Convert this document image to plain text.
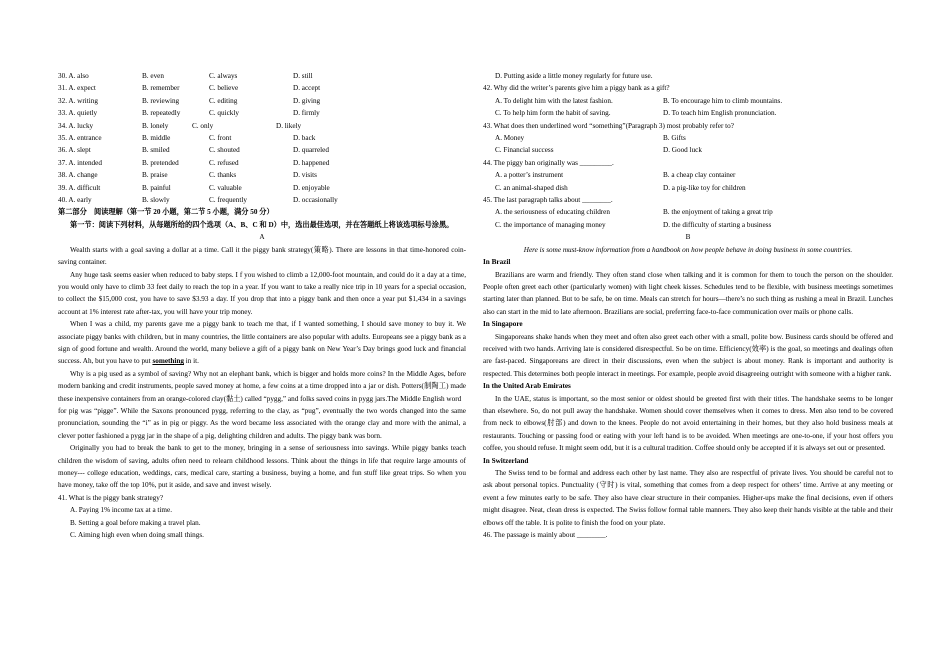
30. A. also	B. even	C. always	D. still
31. A. expect	B. remember	C. believe	D. accept
32. A. writing	B. reviewing	C. editing	D. giving
33. A. quietly	B. repeatedly	C. quickly	D. firmly
34. A. lucky	B. lonely	C. only	D. likely
35. A. entrance	B. middle	C. front	D. back
36. A. slept	B. smiled	C. shouted	D. quarreled
37. A. intended	B. pretended	C. refused	D. happened
38. A. change	B. praise	C. thanks	D. visits
39. A. difficult	B. painful	C. valuable	D. enjoyable
40. A. early	B. slowly	C. frequently	D. occasionally
第二部分　阅读理解（第一节 20 小题，第二节 5 小题，满分 50 分）
第一节：阅读下列材料，从每题所给的四个选项（A、B、C 和 D）中，选出最佳选项，并在答题纸上将该选项标号涂黑。
A

Wealth starts with a goal saving a dollar at a time. Call it the piggy bank strategy(策略). There are lessons in that time-honored coin-saving container.

Any huge task seems easier when reduced to baby steps. I f you wished to climb a 12,000-foot mountain, and could do it a day at a time, you would only have to climb 33 feet daily to reach the top in a year. If you want to take a really nice trip in 10 years for a special occasion, to collect the $15,000 cost, you have to save $3.93 a day. If you drop that into a piggy bank and then once a year put $1,434 in a savings account at 1% interest rate after-tax, you will have your trip money.

When I was a child, my parents gave me a piggy bank to teach me that, if I wanted something, I should save money to buy it. We associate piggy banks with children, but in many countries, the little containers are also popular with adults. Europeans see a piggy bank as a sign of good fortune and wealth. Around the world, many believe a gift of a piggy bank on New Year’s Day brings good luck and financial success. Ah, but you have to put something in it.

Why is a pig used as a symbol of saving? Why not an elephant bank, which is bigger and holds more coins? In the Middle Ages, before modern banking and credit instruments, people saved money at home, a few coins at a time dropped into a jar or dish. Potters(制陶工) made these inexpensive containers from an orange-colored clay(黏土) called “pygg,” and folks saved coins in pygg jars.The Middle English word

for pig was “pigge”. While the Saxons pronounced pygg, referring to the clay, as “pug”, eventually the two words changed into the same pronunciation, sounding the “i” as in pig or piggy. As the word became less associated with the orange clay and more with the animal, a clever potter fashioned a pygg jar in the shape of a pig, delighting children and adults. The piggy bank was born.

Originally you had to break the bank to get to the money, bringing in a sense of seriousness into savings. While piggy banks teach children the wisdom of saving, adults often need to relearn childhood lessons. Think about the things in life that require large amounts of money--- college education, weddings, cars, medical care, starting a business, buying a home, and fun stuff like great trips. So when you have money, take off the top 10%, put it aside, and save and invest wisely.

41. What is the piggy bank strategy?
A. Paying 1% income tax at a time.
B. Setting a goal before making a travel plan.
C. Aiming high even when doing small things.
D. Putting aside a little money regularly for future use.
42. Why did the writer’s parents give him a piggy bank as a gift?
A. To delight him with the latest fashion.	B. To encourage him to climb mountains.
C. To help him form the habit of saving.	D. To teach him English pronunciation.
43. What does then underlined word “something”(Paragraph 3) most probably refer to?
A. Money	B. Gifts
C. Financial success	D. Good luck
44. The piggy ban originally was _________.
A. a potter’s instrument	B. a cheap clay container
C. an animal-shaped dish	D. a pig-like toy for children
45. The last paragraph talks about ________.
A. the seriousness of educating children	B. the enjoyment of taking a great trip
C. the importance of managing money	D. the difficulty of starting a business
B
Here is some must-know information from a handbook on how people behave in doing business in some countries.
In Brazil

Brazilians are warm and friendly. They often stand close when talking and it is common for them to touch the person on the shoulder. People often greet each other (particularly women) with light cheek kisses. Schedules tend to be flexible, with business meetings sometimes starting later than planned. But to be safe, be on time. Meals can stretch for hours—there’s no such thing as rushing a meal in Brazil. Lunches also can start in the mid to late afternoon. Brazilians are social, preferring face-to-face communication over mails or phone calls.

In Singapore

Singaporeans shake hands when they meet and often also greet each other with a small, polite bow. Business cards should be offered and received with two hands. Arriving late is considered disrespectful. So be on time. Efficiency(效率) is the goal, so meetings and dealings often are fast-paced. Singaporeans are direct in their discussions, even when the subject is about money. Rank is important and authority is respected. This determines both people interact in meetings. For example, people avoid disagreeing outright with someone with a higher rank.

In the United Arab Emirates

In the UAE, status is important, so the most senior or oldest should be greeted first with their titles. The handshake seems to be longer than elsewhere. So, do not pull away the handshake. Women should cover themselves when it comes to dress. Men also tend to be covered from neck to elbows(肘部) and down to the knees. People do not avoid entertaining in their homes, but they also hold business meals at restaurants. Touching or passing food or eating with your left hand is to be avoided. When meetings are one-to-one, if your host offers you coffee, you should refuse. It might seem odd, but it is a cultural tradition. Coffee should only be accepted if it is always set out or presented.

In Switzerland

The Swiss tend to be formal and address each other by last name. They also are respectful of private lives. You should be careful not to ask about personal topics. Punctuality (守时) is vital, something that comes from a deep respect for others’ time. Arrive at any meeting or event a few minutes early to be safe. They also have clear structure in their companies. Higher-ups make the final decisions, even if others might disagree. Neat, clean dress is expected. The Swiss follow formal table manners. They also keep their hands visible at the table and their elbows off the table. It is polite to finish the food on your plate.

46. The passage is mainly about ________.
